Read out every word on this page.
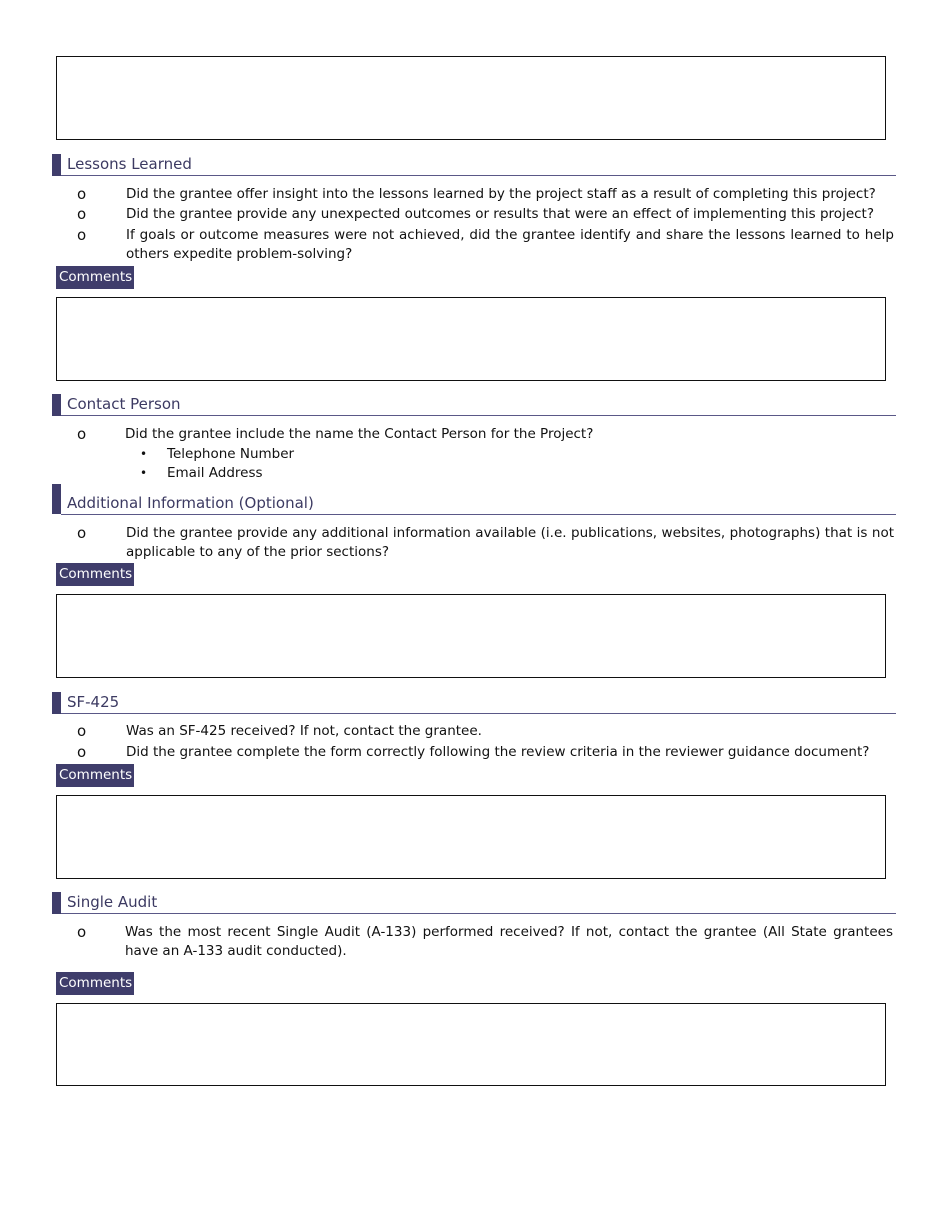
Lessons Learned
o	Did the grantee offer insight into the lessons learned by the project staff as a result of completing this project?
o	Did the grantee provide any unexpected outcomes or results that were an effect of implementing this project?
o	If goals or outcome measures were not achieved, did the grantee identify and share the lessons learned to help others expedite problem-solving?
Comments
Contact Person
o	Did the grantee include the name the Contact Person for the Project?
• Telephone Number
• Email Address
Additional Information (Optional)
o	Did the grantee provide any additional information available (i.e. publications, websites, photographs) that is not applicable to any of the prior sections?
Comments
SF-425
o	Was an SF-425 received? If not, contact the grantee.
o	Did the grantee complete the form correctly following the review criteria in the reviewer guidance document?
Comments
Single Audit
o	Was the most recent Single Audit (A-133) performed received? If not, contact the grantee (All State grantees have an A-133 audit conducted).
Comments
